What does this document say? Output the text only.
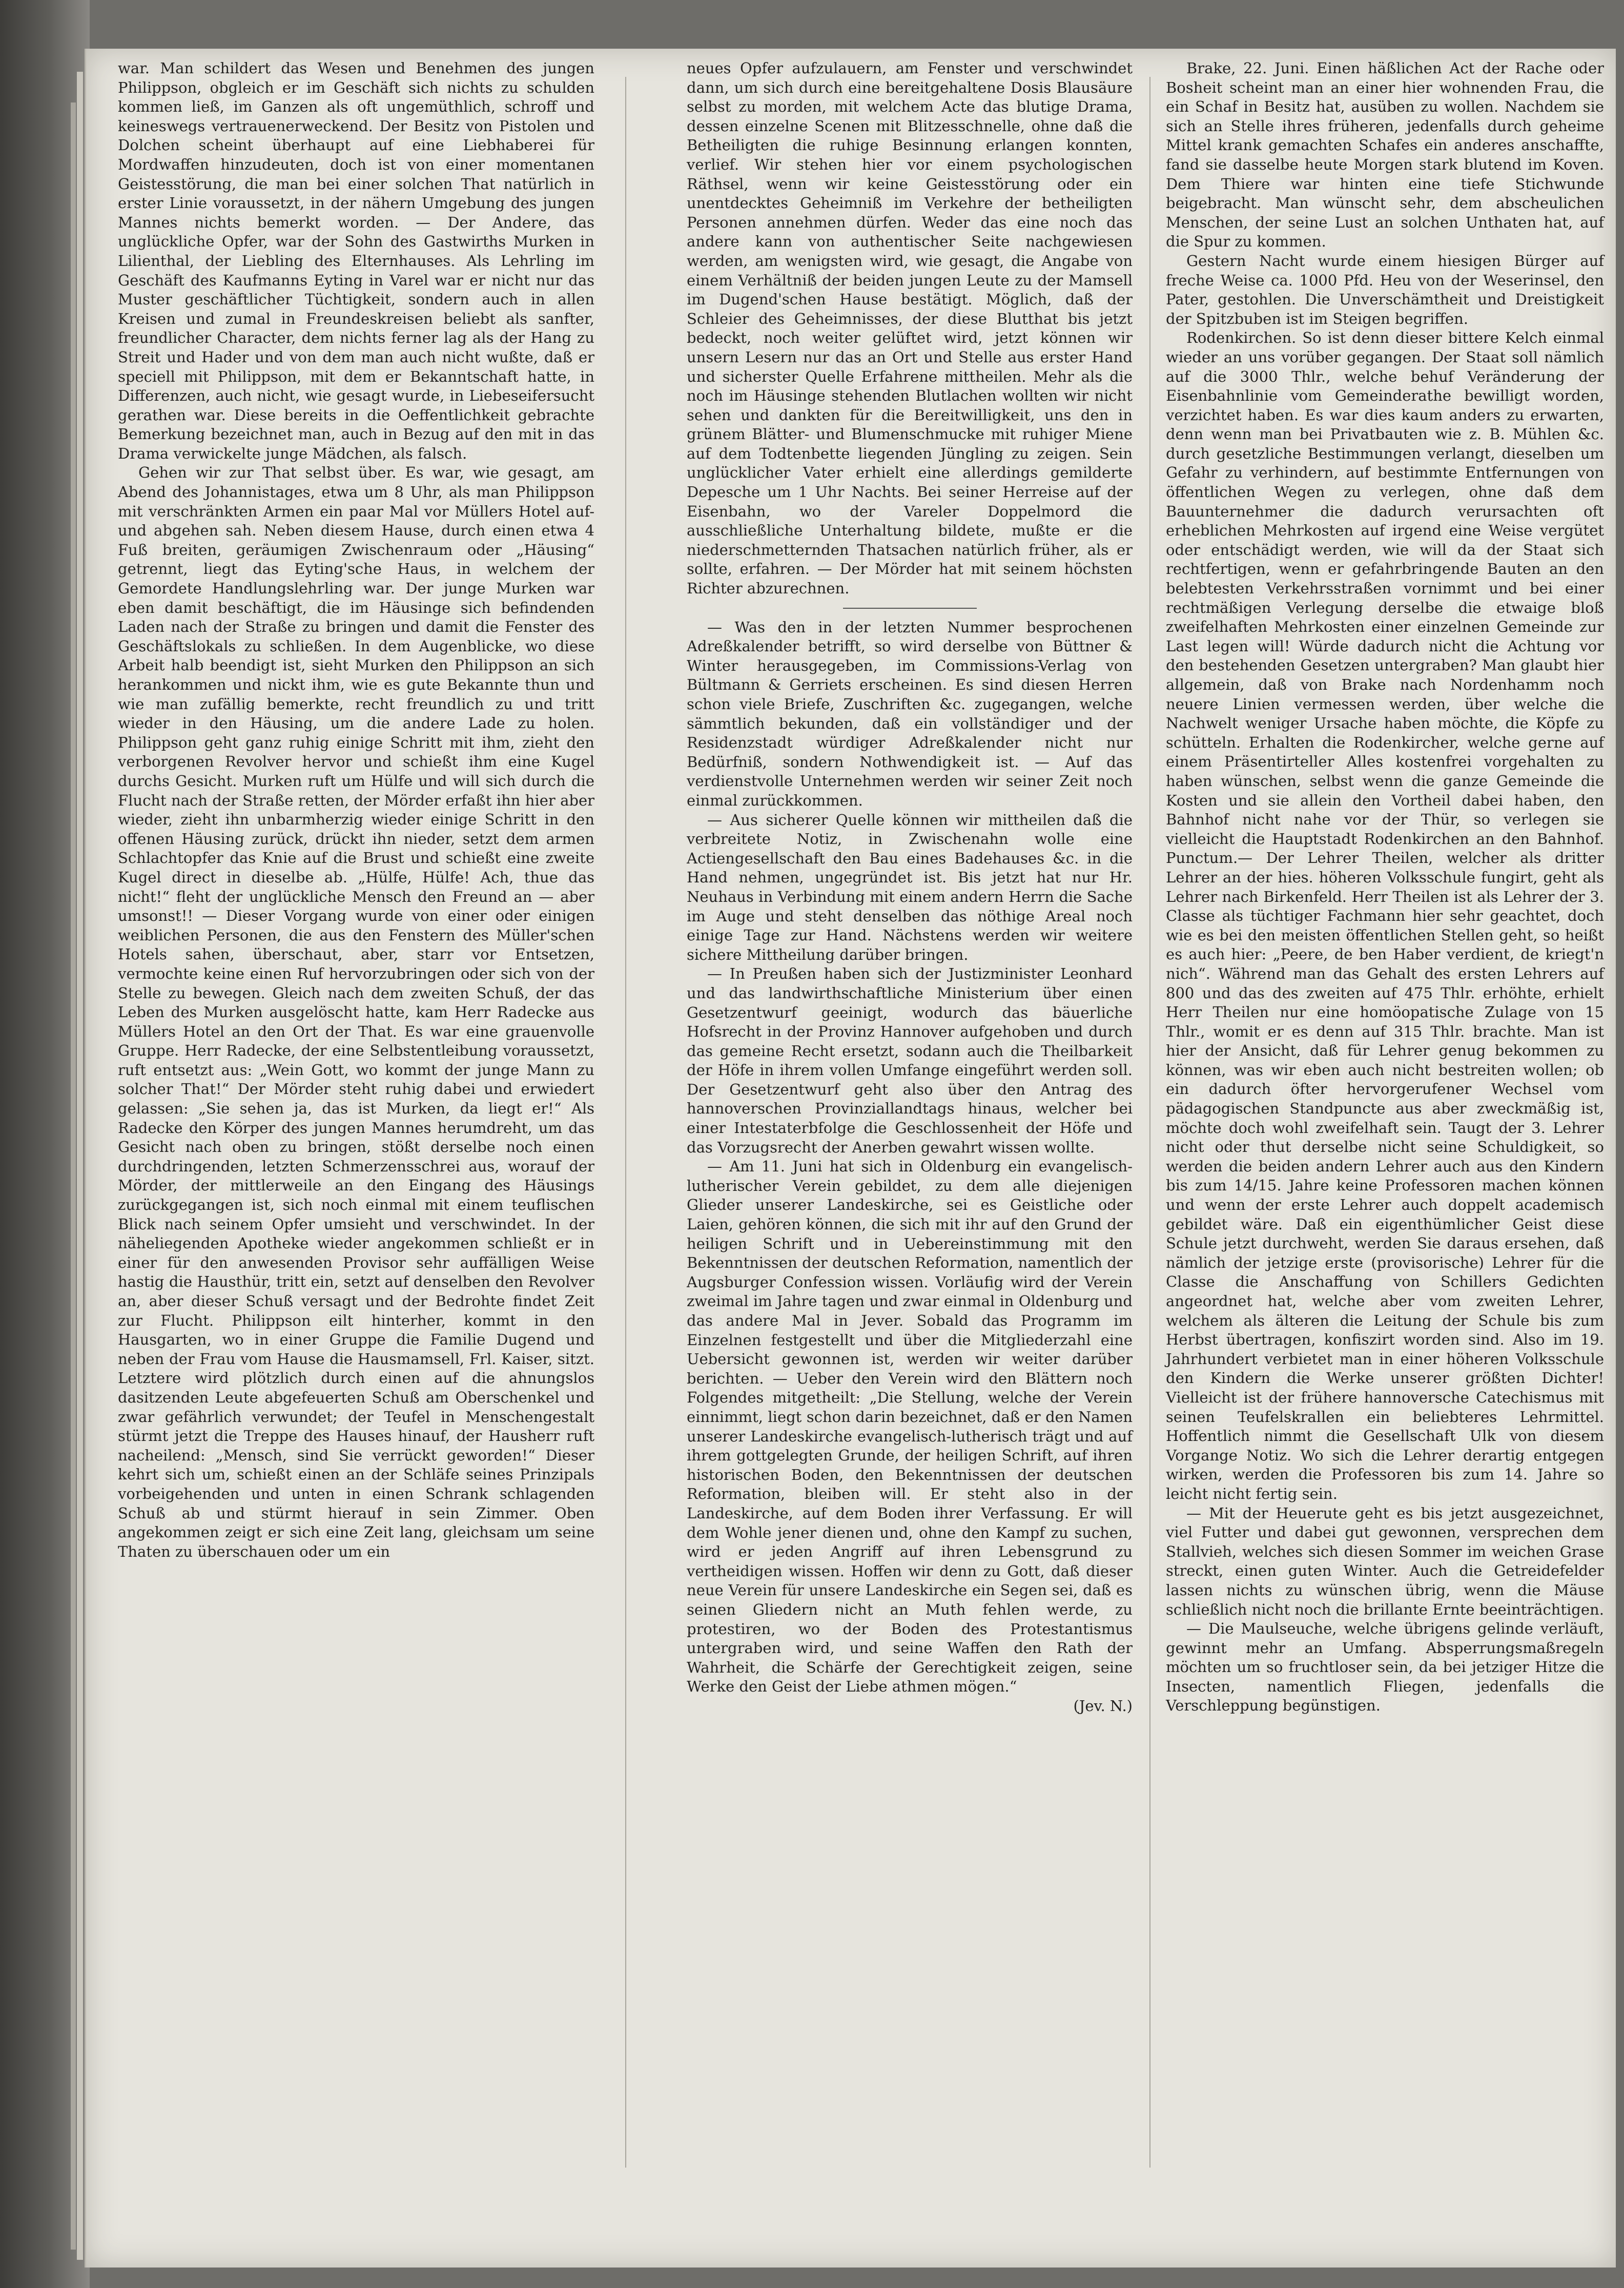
war. Man schildert das Wesen und Benehmen des jungen Philippson, obgleich er im Geschäft sich nichts zu schulden kommen ließ, im Ganzen als oft ungemüthlich, schroff und keineswegs vertrauenerweckend. Der Besitz von Pistolen und Dolchen scheint überhaupt auf eine Liebhaberei für Mordwaffen hinzudeuten, doch ist von einer momentanen Geistesstörung, die man bei einer solchen That natürlich in erster Linie voraussetzt, in der nähern Umgebung des jungen Mannes nichts bemerkt worden. — Der Andere, das unglückliche Opfer, war der Sohn des Gastwirths Murken in Lilienthal, der Liebling des Elternhauses. Als Lehrling im Geschäft des Kaufmanns Eyting in Varel war er nicht nur das Muster geschäftlicher Tüchtigkeit, sondern auch in allen Kreisen und zumal in Freundeskreisen beliebt als sanfter, freundlicher Character, dem nichts ferner lag als der Hang zu Streit und Hader und von dem man auch nicht wußte, daß er speciell mit Philippson, mit dem er Bekanntschaft hatte, in Differenzen, auch nicht, wie gesagt wurde, in Liebeseifersucht gerathen war. Diese bereits in die Oeffentlichkeit gebrachte Bemerkung bezeichnet man, auch in Bezug auf den mit in das Drama verwickelte junge Mädchen, als falsch.

Gehen wir zur That selbst über. Es war, wie gesagt, am Abend des Johannistages, etwa um 8 Uhr, als man Philippson mit verschränkten Armen ein paar Mal vor Müllers Hotel auf- und abgehen sah. Neben diesem Hause, durch einen etwa 4 Fuß breiten, geräumigen Zwischenraum oder „Häusing“ getrennt, liegt das Eyting'sche Haus, in welchem der Gemordete Handlungslehrling war. Der junge Murken war eben damit beschäftigt, die im Häusinge sich befindenden Laden nach der Straße zu bringen und damit die Fenster des Geschäftslokals zu schließen. In dem Augenblicke, wo diese Arbeit halb beendigt ist, sieht Murken den Philippson an sich herankommen und nickt ihm, wie es gute Bekannte thun und wie man zufällig bemerkte, recht freundlich zu und tritt wieder in den Häusing, um die andere Lade zu holen. Philippson geht ganz ruhig einige Schritt mit ihm, zieht den verborgenen Revolver hervor und schießt ihm eine Kugel durchs Gesicht. Murken ruft um Hülfe und will sich durch die Flucht nach der Straße retten, der Mörder erfaßt ihn hier aber wieder, zieht ihn unbarmherzig wieder einige Schritt in den offenen Häusing zurück, drückt ihn nieder, setzt dem armen Schlachtopfer das Knie auf die Brust und schießt eine zweite Kugel direct in dieselbe ab. „Hülfe, Hülfe! Ach, thue das nicht!“ fleht der unglückliche Mensch den Freund an — aber umsonst!! — Dieser Vorgang wurde von einer oder einigen weiblichen Personen, die aus den Fenstern des Müller'schen Hotels sahen, überschaut, aber, starr vor Entsetzen, vermochte keine einen Ruf hervorzubringen oder sich von der Stelle zu bewegen. Gleich nach dem zweiten Schuß, der das Leben des Murken ausgelöscht hatte, kam Herr Radecke aus Müllers Hotel an den Ort der That. Es war eine grauenvolle Gruppe. Herr Radecke, der eine Selbstentleibung voraussetzt, ruft entsetzt aus: „Wein Gott, wo kommt der junge Mann zu solcher That!“ Der Mörder steht ruhig dabei und erwiedert gelassen: „Sie sehen ja, das ist Murken, da liegt er!“ Als Radecke den Körper des jungen Mannes herumdreht, um das Gesicht nach oben zu bringen, stößt derselbe noch einen durchdringenden, letzten Schmerzensschrei aus, worauf der Mörder, der mittlerweile an den Eingang des Häusings zurückgegangen ist, sich noch einmal mit einem teuflischen Blick nach seinem Opfer umsieht und verschwindet. In der näheliegenden Apotheke wieder angekommen schließt er in einer für den anwesenden Provisor sehr auffälligen Weise hastig die Hausthür, tritt ein, setzt auf denselben den Revolver an, aber dieser Schuß versagt und der Bedrohte findet Zeit zur Flucht. Philippson eilt hinterher, kommt in den Hausgarten, wo in einer Gruppe die Familie Dugend und neben der Frau vom Hause die Hausmamsell, Frl. Kaiser, sitzt. Letztere wird plötzlich durch einen auf die ahnungslos dasitzenden Leute abgefeuerten Schuß am Oberschenkel und zwar gefährlich verwundet; der Teufel in Menschengestalt stürmt jetzt die Treppe des Hauses hinauf, der Hausherr ruft nacheilend: „Mensch, sind Sie verrückt geworden!“ Dieser kehrt sich um, schießt einen an der Schläfe seines Prinzipals vorbeigehenden und unten in einen Schrank schlagenden Schuß ab und stürmt hierauf in sein Zimmer. Oben angekommen zeigt er sich eine Zeit lang, gleichsam um seine Thaten zu überschauen oder um ein

neues Opfer aufzulauern, am Fenster und verschwindet dann, um sich durch eine bereitgehaltene Dosis Blausäure selbst zu morden, mit welchem Acte das blutige Drama, dessen einzelne Scenen mit Blitzesschnelle, ohne daß die Betheiligten die ruhige Besinnung erlangen konnten, verlief. Wir stehen hier vor einem psychologischen Räthsel, wenn wir keine Geistesstörung oder ein unentdecktes Geheimniß im Verkehre der betheiligten Personen annehmen dürfen. Weder das eine noch das andere kann von authentischer Seite nachgewiesen werden, am wenigsten wird, wie gesagt, die Angabe von einem Verhältniß der beiden jungen Leute zu der Mamsell im Dugend'schen Hause bestätigt. Möglich, daß der Schleier des Geheimnisses, der diese Blutthat bis jetzt bedeckt, noch weiter gelüftet wird, jetzt können wir unsern Lesern nur das an Ort und Stelle aus erster Hand und sicherster Quelle Erfahrene mittheilen. Mehr als die noch im Häusinge stehenden Blutlachen wollten wir nicht sehen und dankten für die Bereitwilligkeit, uns den in grünem Blätter- und Blumenschmucke mit ruhiger Miene auf dem Todtenbette liegenden Jüngling zu zeigen. Sein unglücklicher Vater erhielt eine allerdings gemilderte Depesche um 1 Uhr Nachts. Bei seiner Herreise auf der Eisenbahn, wo der Vareler Doppelmord die ausschließliche Unterhaltung bildete, mußte er die niederschmetternden Thatsachen natürlich früher, als er sollte, erfahren. — Der Mörder hat mit seinem höchsten Richter abzurechnen.

— Was den in der letzten Nummer besprochenen Adreßkalender betrifft, so wird derselbe von Büttner & Winter herausgegeben, im Commissions-Verlag von Bültmann & Gerriets erscheinen. Es sind diesen Herren schon viele Briefe, Zuschriften &c. zugegangen, welche sämmtlich bekunden, daß ein vollständiger und der Residenzstadt würdiger Adreßkalender nicht nur Bedürfniß, sondern Nothwendigkeit ist. — Auf das verdienstvolle Unternehmen werden wir seiner Zeit noch einmal zurückkommen.

— Aus sicherer Quelle können wir mittheilen daß die verbreitete Notiz, in Zwischenahn wolle eine Actiengesellschaft den Bau eines Badehauses &c. in die Hand nehmen, ungegründet ist. Bis jetzt hat nur Hr. Neuhaus in Verbindung mit einem andern Herrn die Sache im Auge und steht denselben das nöthige Areal noch einige Tage zur Hand. Nächstens werden wir weitere sichere Mittheilung darüber bringen.

— In Preußen haben sich der Justizminister Leonhard und das landwirthschaftliche Ministerium über einen Gesetzentwurf geeinigt, wodurch das bäuerliche Hofsrecht in der Provinz Hannover aufgehoben und durch das gemeine Recht ersetzt, sodann auch die Theilbarkeit der Höfe in ihrem vollen Umfange eingeführt werden soll. Der Gesetzentwurf geht also über den Antrag des hannoverschen Provinziallandtags hinaus, welcher bei einer Intestaterbfolge die Geschlossenheit der Höfe und das Vorzugsrecht der Anerben gewahrt wissen wollte.

— Am 11. Juni hat sich in Oldenburg ein evangelisch-lutherischer Verein gebildet, zu dem alle diejenigen Glieder unserer Landeskirche, sei es Geistliche oder Laien, gehören können, die sich mit ihr auf den Grund der heiligen Schrift und in Uebereinstimmung mit den Bekenntnissen der deutschen Reformation, namentlich der Augsburger Confession wissen. Vorläufig wird der Verein zweimal im Jahre tagen und zwar einmal in Oldenburg und das andere Mal in Jever. Sobald das Programm im Einzelnen festgestellt und über die Mitgliederzahl eine Uebersicht gewonnen ist, werden wir weiter darüber berichten. — Ueber den Verein wird den Blättern noch Folgendes mitgetheilt: „Die Stellung, welche der Verein einnimmt, liegt schon darin bezeichnet, daß er den Namen unserer Landeskirche evangelisch-lutherisch trägt und auf ihrem gottgelegten Grunde, der heiligen Schrift, auf ihren historischen Boden, den Bekenntnissen der deutschen Reformation, bleiben will. Er steht also in der Landeskirche, auf dem Boden ihrer Verfassung. Er will dem Wohle jener dienen und, ohne den Kampf zu suchen, wird er jeden Angriff auf ihren Lebensgrund zu vertheidigen wissen. Hoffen wir denn zu Gott, daß dieser neue Verein für unsere Landeskirche ein Segen sei, daß es seinen Gliedern nicht an Muth fehlen werde, zu protestiren, wo der Boden des Protestantismus untergraben wird, und seine Waffen den Rath der Wahrheit, die Schärfe der Gerechtigkeit zeigen, seine Werke den Geist der Liebe athmen mögen.“

(Jev. N.)

Brake, 22. Juni. Einen häßlichen Act der Rache oder Bosheit scheint man an einer hier wohnenden Frau, die ein Schaf in Besitz hat, ausüben zu wollen. Nachdem sie sich an Stelle ihres früheren, jedenfalls durch geheime Mittel krank gemachten Schafes ein anderes anschaffte, fand sie dasselbe heute Morgen stark blutend im Koven. Dem Thiere war hinten eine tiefe Stichwunde beigebracht. Man wünscht sehr, dem abscheulichen Menschen, der seine Lust an solchen Unthaten hat, auf die Spur zu kommen.

Gestern Nacht wurde einem hiesigen Bürger auf freche Weise ca. 1000 Pfd. Heu von der Weserinsel, den Pater, gestohlen. Die Unverschämtheit und Dreistigkeit der Spitzbuben ist im Steigen begriffen.

Rodenkirchen. So ist denn dieser bittere Kelch einmal wieder an uns vorüber gegangen. Der Staat soll nämlich auf die 3000 Thlr., welche behuf Veränderung der Eisenbahnlinie vom Gemeinderathe bewilligt worden, verzichtet haben. Es war dies kaum anders zu erwarten, denn wenn man bei Privatbauten wie z. B. Mühlen &c. durch gesetzliche Bestimmungen verlangt, dieselben um Gefahr zu verhindern, auf bestimmte Entfernungen von öffentlichen Wegen zu verlegen, ohne daß dem Bauunternehmer die dadurch verursachten oft erheblichen Mehrkosten auf irgend eine Weise vergütet oder entschädigt werden, wie will da der Staat sich rechtfertigen, wenn er gefahrbringende Bauten an den belebtesten Verkehrsstraßen vornimmt und bei einer rechtmäßigen Verlegung derselbe die etwaige bloß zweifelhaften Mehrkosten einer einzelnen Gemeinde zur Last legen will! Würde dadurch nicht die Achtung vor den bestehenden Gesetzen untergraben? Man glaubt hier allgemein, daß von Brake nach Nordenhamm noch neuere Linien vermessen werden, über welche die Nachwelt weniger Ursache haben möchte, die Köpfe zu schütteln. Erhalten die Rodenkircher, welche gerne auf einem Präsentirteller Alles kostenfrei vorgehalten zu haben wünschen, selbst wenn die ganze Gemeinde die Kosten und sie allein den Vortheil dabei haben, den Bahnhof nicht nahe vor der Thür, so verlegen sie vielleicht die Hauptstadt Rodenkirchen an den Bahnhof. Punctum.— Der Lehrer Theilen, welcher als dritter Lehrer an der hies. höheren Volksschule fungirt, geht als Lehrer nach Birkenfeld. Herr Theilen ist als Lehrer der 3. Classe als tüchtiger Fachmann hier sehr geachtet, doch wie es bei den meisten öffentlichen Stellen geht, so heißt es auch hier: „Peere, de ben Haber verdient, de kriegt'n nich“. Während man das Gehalt des ersten Lehrers auf 800 und das des zweiten auf 475 Thlr. erhöhte, erhielt Herr Theilen nur eine homöopatische Zulage von 15 Thlr., womit er es denn auf 315 Thlr. brachte. Man ist hier der Ansicht, daß für Lehrer genug bekommen zu können, was wir eben auch nicht bestreiten wollen; ob ein dadurch öfter hervorgerufener Wechsel vom pädagogischen Standpuncte aus aber zweckmäßig ist, möchte doch wohl zweifelhaft sein. Taugt der 3. Lehrer nicht oder thut derselbe nicht seine Schuldigkeit, so werden die beiden andern Lehrer auch aus den Kindern bis zum 14/15. Jahre keine Professoren machen können und wenn der erste Lehrer auch doppelt academisch gebildet wäre. Daß ein eigenthümlicher Geist diese Schule jetzt durchweht, werden Sie daraus ersehen, daß nämlich der jetzige erste (provisorische) Lehrer für die Classe die Anschaffung von Schillers Gedichten angeordnet hat, welche aber vom zweiten Lehrer, welchem als älteren die Leitung der Schule bis zum Herbst übertragen, konfiszirt worden sind. Also im 19. Jahrhundert verbietet man in einer höheren Volksschule den Kindern die Werke unserer größten Dichter! Vielleicht ist der frühere hannoversche Catechismus mit seinen Teufelskrallen ein beliebteres Lehrmittel. Hoffentlich nimmt die Gesellschaft Ulk von diesem Vorgange Notiz. Wo sich die Lehrer derartig entgegen wirken, werden die Professoren bis zum 14. Jahre so leicht nicht fertig sein.

— Mit der Heuerute geht es bis jetzt ausgezeichnet, viel Futter und dabei gut gewonnen, versprechen dem Stallvieh, welches sich diesen Sommer im weichen Grase streckt, einen guten Winter. Auch die Getreidefelder lassen nichts zu wünschen übrig, wenn die Mäuse schließlich nicht noch die brillante Ernte beeinträchtigen.

— Die Maulseuche, welche übrigens gelinde verläuft, gewinnt mehr an Umfang. Absperrungsmaßregeln möchten um so fruchtloser sein, da bei jetziger Hitze die Insecten, namentlich Fliegen, jedenfalls die Verschleppung begünstigen.
